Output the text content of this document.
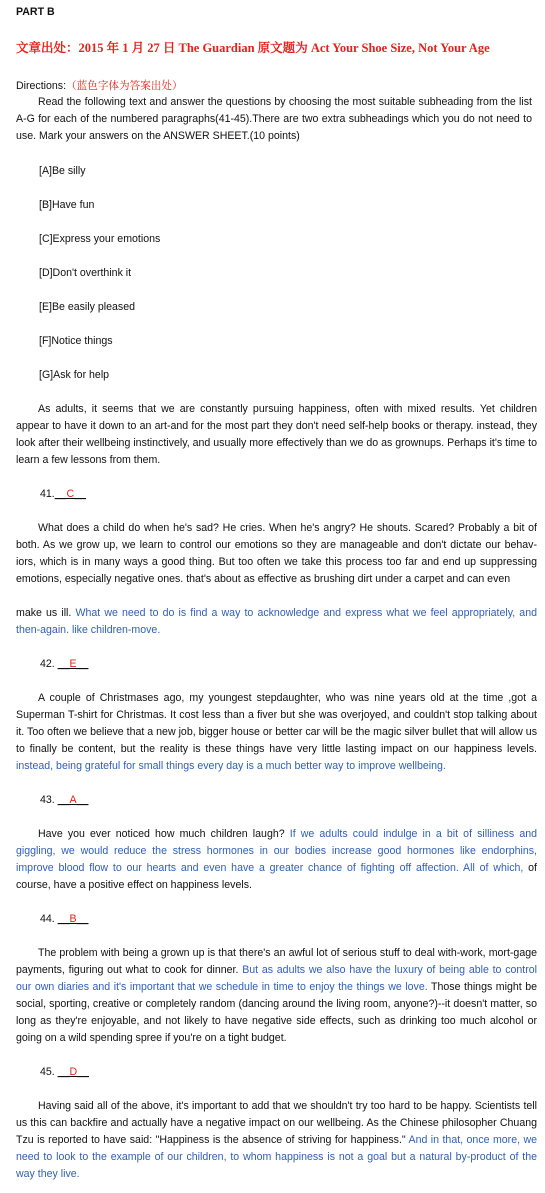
PART B
文章出处：2015 年 1 月 27 日 The Guardian 原文题为 Act Your Shoe Size, Not Your Age
Directions:（蓝色字体为答案出处）
Read the following text and answer the questions by choosing the most suitable subheading from the list A-G for each of the numbered paragraphs(41-45).There are two extra subheadings which you do not need to use. Mark your answers on the ANSWER SHEET.(10 points)
[A]Be silly
[B]Have fun
[C]Express your emotions
[D]Don't overthink it
[E]Be easily pleased
[F]Notice things
[G]Ask for help
As adults, it seems that we are constantly pursuing happiness, often with mixed results. Yet children appear to have it down to an art-and for the most part they don't need self-help books or therapy. instead, they look after their wellbeing instinctively, and usually more effectively than we do as grownups. Perhaps it's time to learn a few lessons from them.
41.__C__
What does a child do when he's sad? He cries. When he's angry? He shouts. Scared? Probably a bit of both. As we grow up, we learn to control our emotions so they are manageable and don't dictate our behav-iors, which is in many ways a good thing. But too often we take this process too far and end up suppressing emotions, especially negative ones. that's about as effective as brushing dirt under a carpet and can even
make us ill. What we need to do is find a way to acknowledge and express what we feel appropriately, and then-again. like children-move.
42. __E__
A couple of Christmases ago, my youngest stepdaughter, who was nine years old at the time ,got a Superman T-shirt for Christmas. It cost less than a fiver but she was overjoyed, and couldn't stop talking about it. Too often we believe that a new job, bigger house or better car will be the magic silver bullet that will allow us to finally be content, but the reality is these things have very little lasting impact on our happiness levels. instead, being grateful for small things every day is a much better way to improve wellbeing.
43. __A__
Have you ever noticed how much children laugh? If we adults could indulge in a bit of silliness and giggling, we would reduce the stress hormones in our bodies increase good hormones like endorphins, improve blood flow to our hearts and even have a greater chance of fighting off affection. All of which, of course, have a positive effect on happiness levels.
44. __B__
The problem with being a grown up is that there's an awful lot of serious stuff to deal with-work, mort-gage payments, figuring out what to cook for dinner. But as adults we also have the luxury of being able to control our own diaries and it's important that we schedule in time to enjoy the things we love. Those things might be social, sporting, creative or completely random (dancing around the living room, anyone?)--it doesn't matter, so long as they're enjoyable, and not likely to have negative side effects, such as drinking too much alcohol or going on a wild spending spree if you're on a tight budget.
45. __D__
Having said all of the above, it's important to add that we shouldn't try too hard to be happy. Scientists tell us this can backfire and actually have a negative impact on our wellbeing. As the Chinese philosopher Chuang Tzu is reported to have said: "Happiness is the absence of striving for happiness." And in that, once more, we need to look to the example of our children, to whom happiness is not a goal but a natural by-product of the way they live.
